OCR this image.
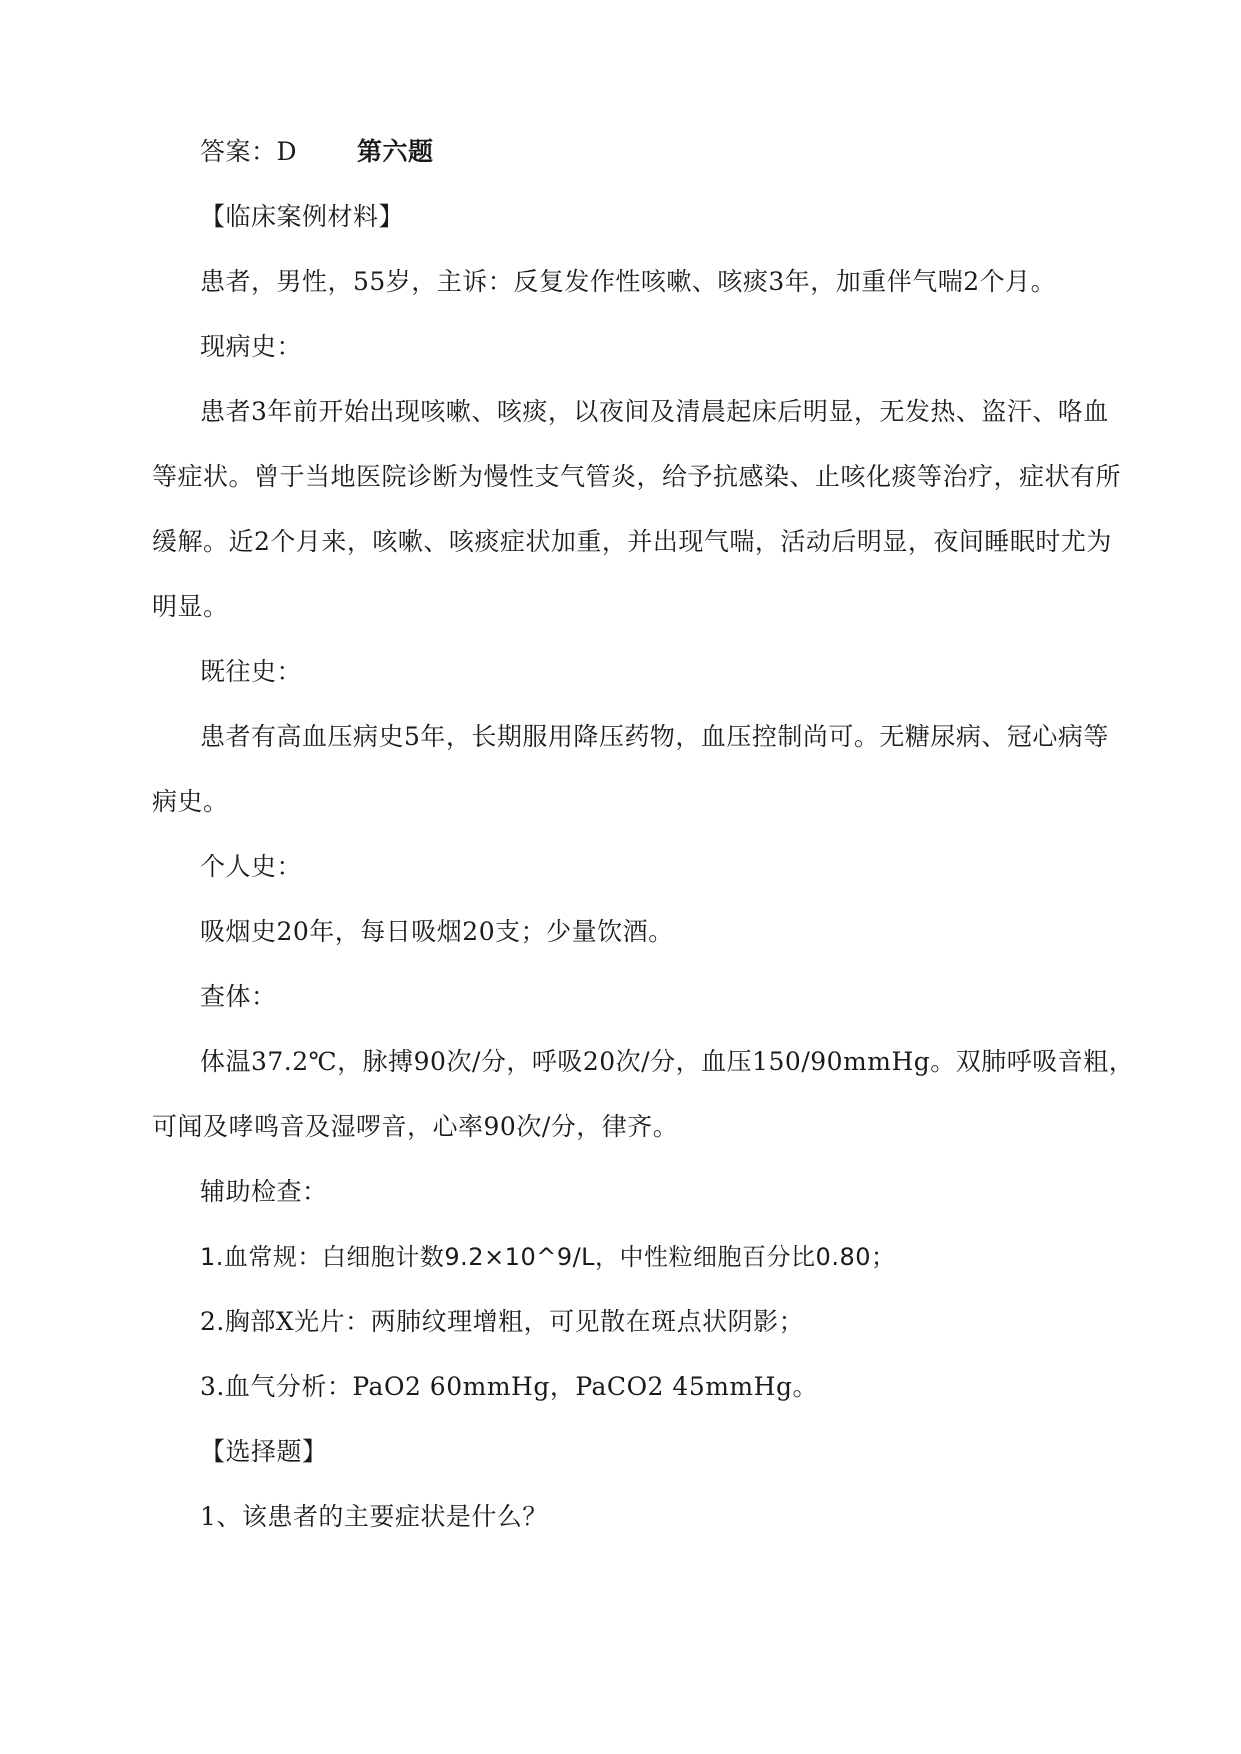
答案：D 第六题
【临床案例材料】
患者，男性，55岁，主诉：反复发作性咳嗽、咳痰3年，加重伴气喘2个月。
现病史：
患者3年前开始出现咳嗽、咳痰，以夜间及清晨起床后明显，无发热、盗汗、咯血
等症状。曾于当地医院诊断为慢性支气管炎，给予抗感染、止咳化痰等治疗，症状有所
缓解。近2个月来，咳嗽、咳痰症状加重，并出现气喘，活动后明显，夜间睡眠时尤为
明显。
既往史：
患者有高血压病史5年，长期服用降压药物，血压控制尚可。无糖尿病、冠心病等
病史。
个人史：
吸烟史20年，每日吸烟20支；少量饮酒。
查体：
体温37.2℃，脉搏90次/分，呼吸20次/分，血压150/90mmHg。双肺呼吸音粗，
可闻及哮鸣音及湿啰音，心率90次/分，律齐。
辅助检查：
1.血常规：白细胞计数9.2×10^9/L，中性粒细胞百分比0.80；
2.胸部X光片：两肺纹理增粗，可见散在斑点状阴影；
3.血气分析：PaO2 60mmHg，PaCO2 45mmHg。
【选择题】
1、该患者的主要症状是什么？
